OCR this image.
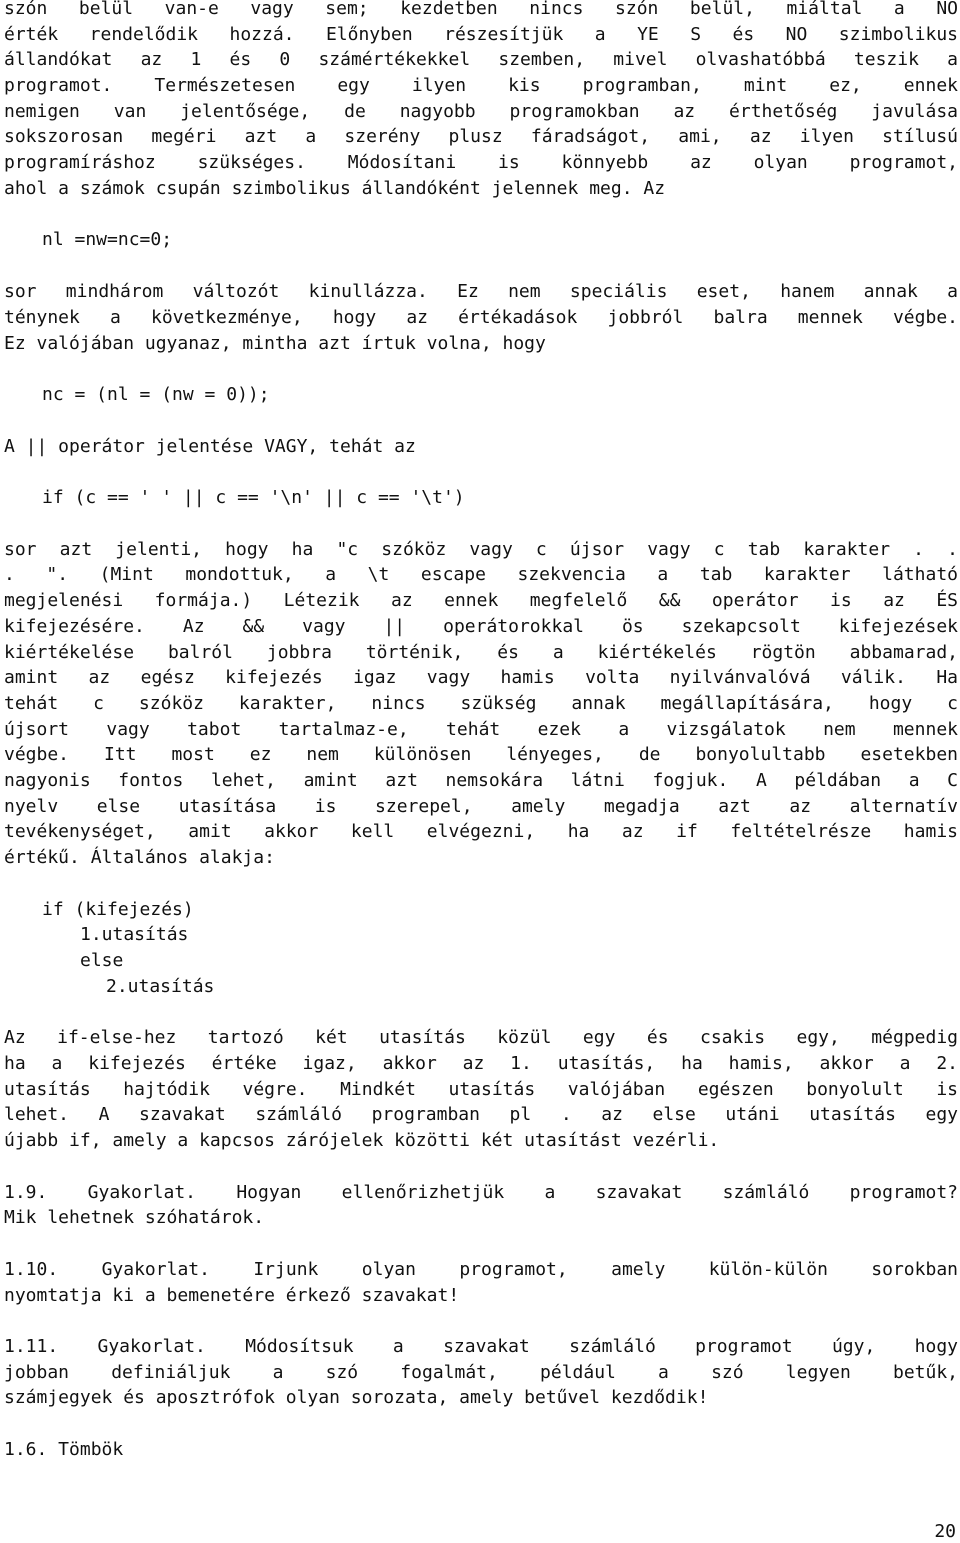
szón belül van-e vagy sem; kezdetben nincs szón belül, miáltal a NO
érték rendelődik hozzá. Előnyben részesítjük a YE S és NO szimbolikus
állandókat az 1 és 0 számértékekkel szemben, mivel olvashatóbbá teszik a
programot. Természetesen egy ilyen kis programban, mint ez, ennek
nemigen van jelentősége, de nagyobb programokban az érthetőség javulása
sokszorosan megéri azt a szerény plusz fáradságot, ami, az ilyen stílusú
programíráshoz szükséges. Módosítani is könnyebb az olyan programot,
ahol a számok csupán szimbolikus állandóként jelennek meg. Az
nl =nw=nc=0;
sor mindhárom változót kinullázza. Ez nem speciális eset, hanem annak a
ténynek a következménye, hogy az értékadások jobbról balra mennek végbe.
Ez valójában ugyanaz, mintha azt írtuk volna, hogy
nc = (nl = (nw = 0));
A || operátor jelentése VAGY, tehát az
if (c == ' ' || c == '\n' || c == '\t')
sor azt jelenti, hogy ha "c szóköz vagy c újsor vagy c tab karakter . .
. ". (Mint mondottuk, a \t escape szekvencia a tab karakter látható
megjelenési formája.) Létezik az ennek megfelelő && operátor is az ÉS
kifejezésére. Az && vagy || operátorokkal ös szekapcsolt kifejezések
kiértékelése balról jobbra történik, és a kiértékelés rögtön abbamarad,
amint az egész kifejezés igaz vagy hamis volta nyilvánvalóvá válik. Ha
tehát c szóköz karakter, nincs szükség annak megállapítására, hogy c
újsort vagy tabot tartalmaz-e, tehát ezek a vizsgálatok nem mennek
végbe. Itt most ez nem különösen lényeges, de bonyolultabb esetekben
nagyonis fontos lehet, amint azt nemsokára látni fogjuk. A példában a C
nyelv else utasítása is szerepel, amely megadja azt az alternatív
tevékenységet, amit akkor kell elvégezni, ha az if feltételrésze hamis
értékű. Általános alakja:
if (kifejezés)
1.utasítás
else
2.utasítás
Az if-else-hez tartozó két utasítás közül egy és csakis egy, mégpedig
ha a kifejezés értéke igaz, akkor az 1. utasítás, ha hamis, akkor a 2.
utasítás hajtódik végre. Mindkét utasítás valójában egészen bonyolult is
lehet. A szavakat számláló programban pl . az else utáni utasítás egy
újabb if, amely a kapcsos zárójelek közötti két utasítást vezérli.
1.9. Gyakorlat. Hogyan ellenőrizhetjük a szavakat számláló programot?
Mik lehetnek szóhatárok.
1.10. Gyakorlat. Irjunk olyan programot, amely külön-külön sorokban
nyomtatja ki a bemenetére érkező szavakat!
1.11. Gyakorlat. Módosítsuk a szavakat számláló programot úgy, hogy
jobban definiáljuk a szó fogalmát, például a szó legyen betűk,
számjegyek és aposztrófok olyan sorozata, amely betűvel kezdődik!
1.6. Tömbök
20
